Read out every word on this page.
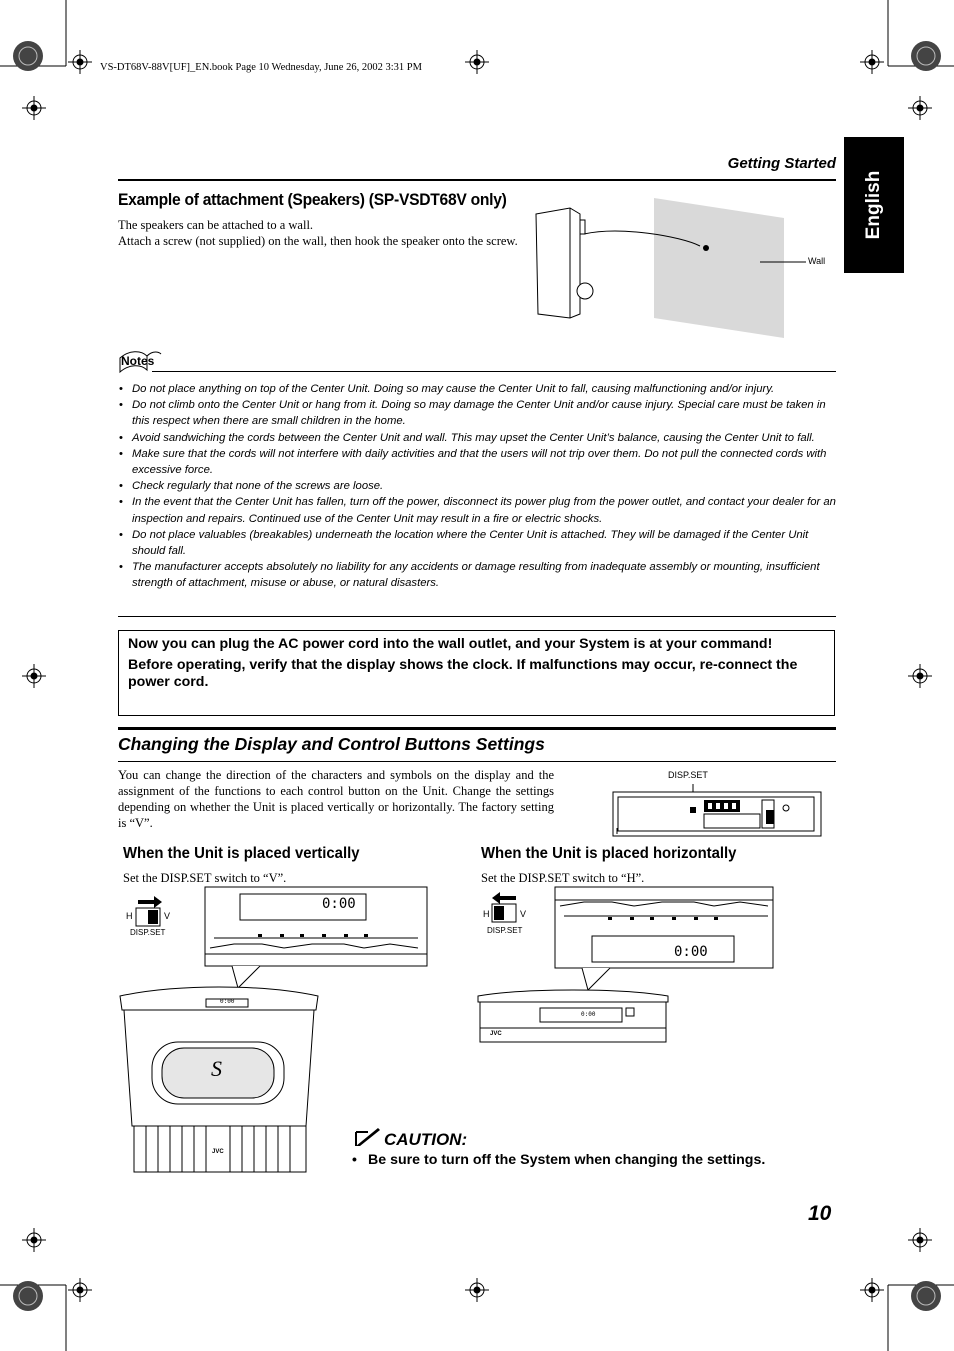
VS-DT68V-88V[UF]_EN.book Page 10 Wednesday, June 26, 2002 3:31 PM
English
Getting Started
Example of attachment (Speakers) (SP-VSDT68V only)
The speakers can be attached to a wall.
Attach a screw (not supplied) on the wall, then hook the speaker onto the screw.
Wall
Notes
• Do not place anything on top of the Center Unit. Doing so may cause the Center Unit to fall, causing malfunctioning and/or injury.
• Do not climb onto the Center Unit or hang from it. Doing so may damage the Center Unit and/or cause injury. Special care must be taken in this respect when there are small children in the home.
• Avoid sandwiching the cords between the Center Unit and wall. This may upset the Center Unit’s balance, causing the Center Unit to fall.
• Make sure that the cords will not interfere with daily activities and that the users will not trip over them. Do not pull the connected cords with excessive force.
• Check regularly that none of the screws are loose.
• In the event that the Center Unit has fallen, turn off the power, disconnect its power plug from the power outlet, and contact your dealer for an inspection and repairs. Continued use of the Center Unit may result in a fire or electric shocks.
• Do not place valuables (breakables) underneath the location where the Center Unit is attached. They will be damaged if the Center Unit should fall.
• The manufacturer accepts absolutely no liability for any accidents or damage resulting from inadequate assembly or mounting, insufficient strength of attachment, misuse or abuse, or natural disasters.

Now you can plug the AC power cord into the wall outlet, and your System is at your command!

Before operating, verify that the display shows the clock. If malfunctions may occur, re-connect the power cord.

Changing the Display and Control Buttons Settings
You can change the direction of the characters and symbols on the display and the assignment of the functions to each control button on the Unit. Change the settings depending on whether the Unit is placed vertically or horizontally. The factory setting is “V”.
DISP.SET
When the Unit is placed vertically
Set the DISP.SET switch to “V”.
H	V
DISP.SET
0:00
0:00
S
JVC
When the Unit is placed horizontally
Set the DISP.SET switch to “H”.
H	V
DISP.SET
0:00
0:00
JVC
CAUTION:
• Be sure to turn off the System when changing the settings.
10
